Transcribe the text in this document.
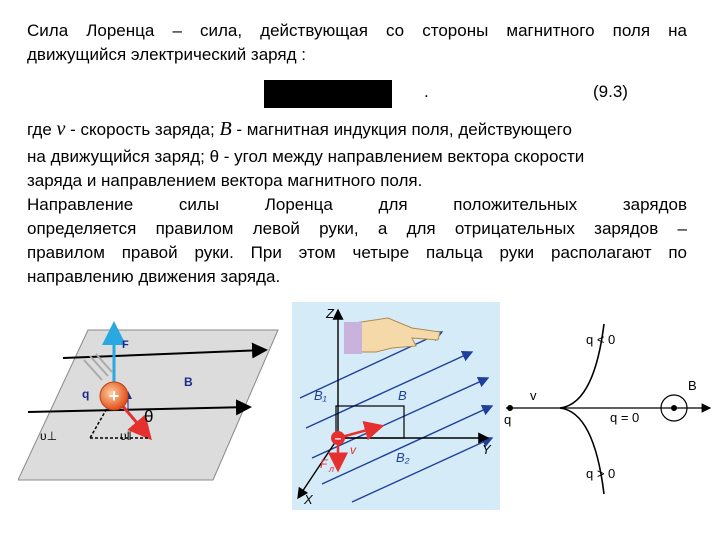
Сила Лоренца – сила, действующая со стороны магнитного поля на
движущийся электрический заряд :
.	(9.3)
где v - скорость заряда; B - магнитная индукция поля, действующего
на движущийся заряд; θ - угол между направлением вектора скорости
заряда и направлением вектора магнитного поля.
Направление силы Лоренца для положительных зарядов
определяется правилом левой руки, а для отрицательных зарядов –
правилом правой руки. При этом четыре пальца руки располагают по
направлению движения заряда.
+
F
B
q
θ
υ⊥	υ‖	–
Z
Y
X
B
B₁
B₂
v
F л
q < 0
q > 0
q = 0
q
v
B
